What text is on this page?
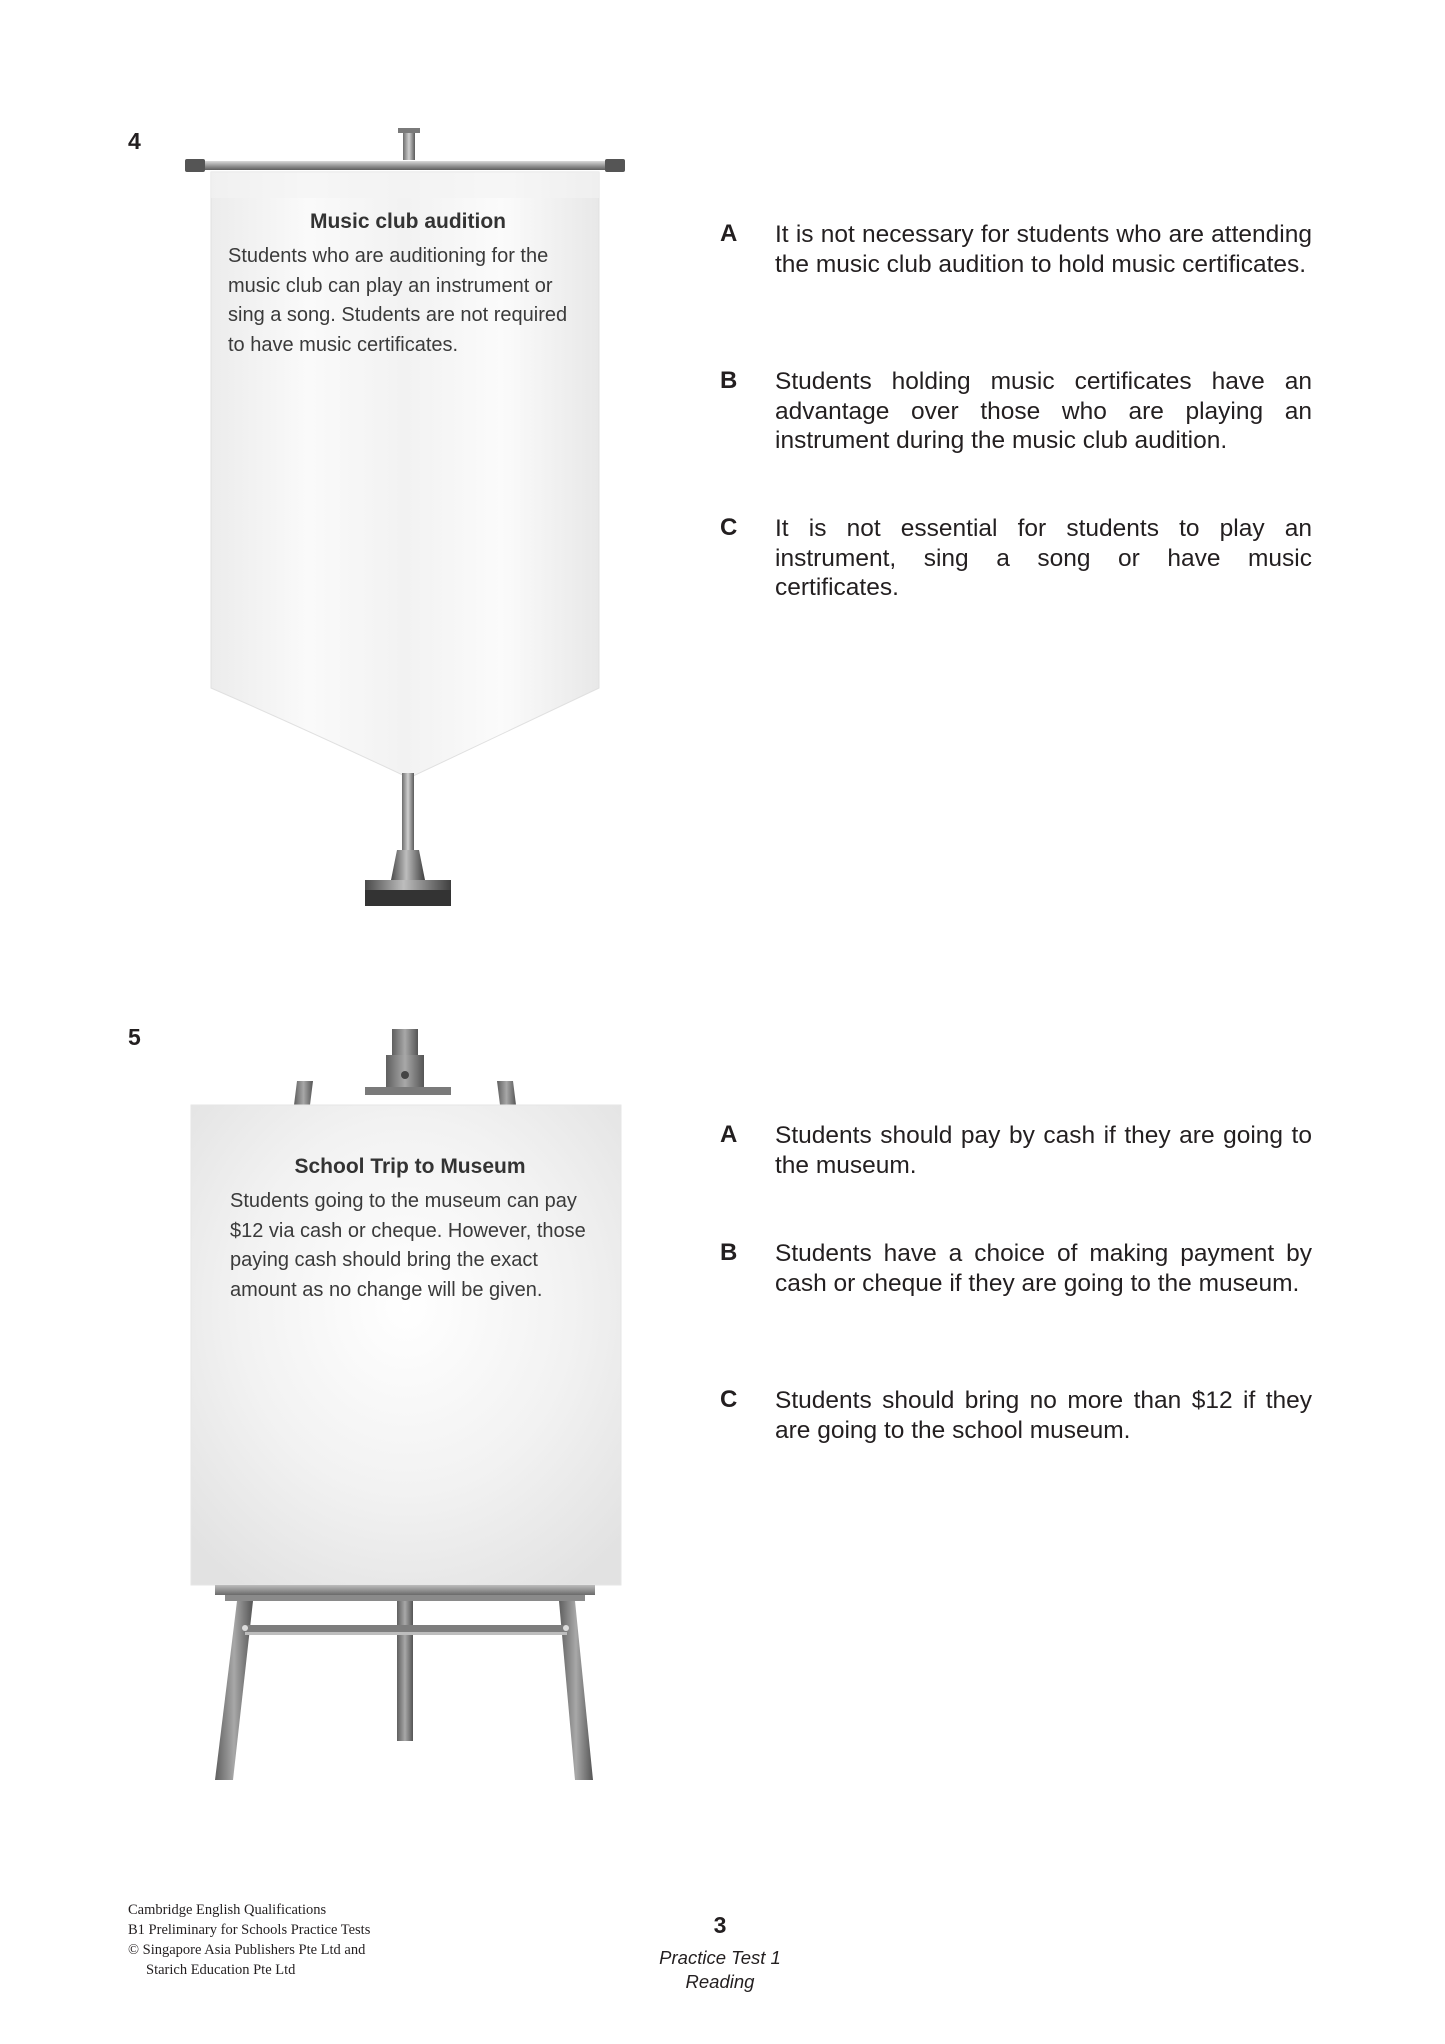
4
Music club audition
Students who are auditioning for the music club can play an instrument or sing a song. Students are not required to have music certificates.
A It is not necessary for students who are attending the music club audition to hold music certificates.
B Students holding music certificates have an advantage over those who are playing an instrument during the music club audition.
C It is not essential for students to play an instrument, sing a song or have music certificates.
5
School Trip to Museum
Students going to the museum can pay $12 via cash or cheque. However, those paying cash should bring the exact amount as no change will be given.
A Students should pay by cash if they are going to the museum.
B Students have a choice of making payment by cash or cheque if they are going to the museum.
C Students should bring no more than $12 if they are going to the school museum.
Cambridge English Qualifications
B1 Preliminary for Schools Practice Tests
© Singapore Asia Publishers Pte Ltd and
Starich Education Pte Ltd
3
Practice Test 1
Reading
